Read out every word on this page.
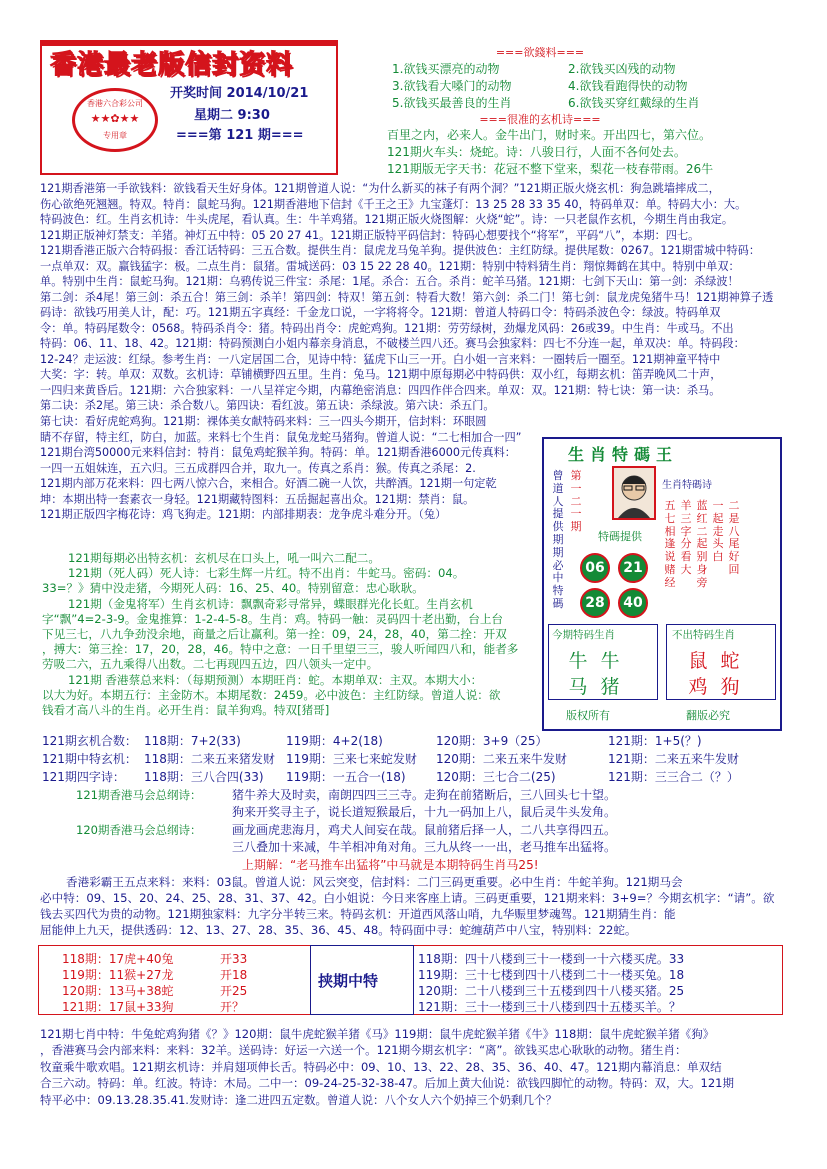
香港最老版信封资料
香港六合彩公司
★★✿★★
专用章
开奖时间 2014/10/21
星期二 9:30
===第 121 期===
===欲錢料===
1.欲钱买漂亮的动物	2.欲钱买凶残的动物
3.欲钱看大嗓门的动物	4.欲钱看跑得快的动物
5.欲钱买最善良的生肖	6.欲钱买穿红戴绿的生肖
===很准的玄机诗===
百里之内，必来人。金牛出门，财时来。开出四七，第六位。
121期火车头：烧蛇。诗：八骏日行，人面不各何处去。
121期版无字天书：花冠不整下堂来，梨花一枝春带雨。26牛
121期香港第一手欲钱料：欲钱看天生好身体。121期曾道人说：“为什么新买的袜子有两个洞？”121期正版火烧玄机：狗急跳墙摔成二，
伤心欲绝死翘翘。特双。特肖：鼠蛇马狗。121期香港地下信封《千王之王》九宝蓬灯：13 25 28 33 35 40，特码单双：单。特码大小：大。
特码波色：红。生肖玄机诗：牛头虎尾，看认真。生：牛羊鸡猪。121期正版火烧图解：火烧“蛇”。诗：一只老鼠作玄机，今期生肖由我定。
121期正版神灯禁支：羊猪。神灯五中特：05 20 27 41。121期正版特平码信封：特码心想要找个“将军”，平码“八”，本期：四七。
121期香港正版六合特码报：香江话特码：三五合数。提供生肖：鼠虎龙马兔羊狗。提供波色：主红防绿。提供尾数：0267。121期雷城中特码：
一点单双：双。赢钱猛字：极。二点生肖：鼠猪。雷城送码：03 15 22 28 40。121期：特别中特料猜生肖：翔惊舞鹤在其中。特别中单双：
单。特别中生肖：鼠蛇马狗。121期：乌鸦传说三件宝：杀尾：1尾。杀合：五合。杀肖：蛇羊马猪。121期：七剑下天山：第一剑：杀绿波！
第二剑：杀4尾！第三剑：杀五合！第三剑：杀羊！第四剑：特双！第五剑：特看大数！第六剑：杀二门！第七剑：鼠龙虎兔猪牛马！121期神算子透
码诗：欲钱巧用美人计，配：巧。121期五字真经：千金龙口说，一字将将令。121期：曾道人特码口令：特码杀波色令：绿波。特码单双
令：单。特码尾数令：0568。特码杀肖令：猪。特码出肖令：虎蛇鸡狗。121期：劳劳绿树，劲爆龙风码：26或39。中生肖：牛或马。不出
特码：06、11、18、42。121期：特码预测白小姐内幕亲身消息，不破楼兰四八还。赛马会独家料：四七不分连一起，单双决：单。特码段：
12-24？走运波：红绿。参考生肖：一八定居国二合，见诗中特：猛虎下山三一开。白小姐一言来料：一圈转后一圈至。121期神童平特中
大奖：字：转。单双：双数。玄机诗：草铺横野四五里。生肖：兔马。121期中原每期必中特码供：双小红，每期玄机：笛弄晚风二十声，
一四归来黄昏后。121期：六合独家料：一八呈祥定今期，内幕绝密消息：四四作伴合四来。单双：双。121期：特七诀：第一诀：杀马。
第二诀：杀2尾。第三诀：杀合数八。第四诀：看红波。第五诀：杀绿波。第六诀：杀五门。
第七诀：看好虎蛇鸡狗。121期：裸体美女献特码来料：三一四头今期开，信封料：环眼圆
睛不存留，特主红，防白，加蓝。来料七个生肖：鼠兔龙蛇马猪狗。曾道人说：“二七相加合一四”
121期台湾50000元来料信封：特肖：鼠兔鸡蛇猴羊狗。特码：单。121期香港6000元传真料：
一四一五姐妹连，五六归。三五成群四合并，取九一。传真之系肖：猴。传真之杀尾：2.
121期内部万花来料：四七两八惊六合，来相合。好酒二碗一人饮，共醉酒。121期一句定乾
坤：本期出特一套素衣一身轻。121期藏特图料：五岳掘起喜出众。121期：禁肖：鼠。
121期正版四字梅花诗：鸡飞狗走。121期：内部排期表：龙争虎斗难分开。（兔）
121期每期必出特玄机：玄机尽在口头上，吼一叫六二配二。
121期（死人码）死人诗：七彩生辉一片红。特不出肖：牛蛇马。密码：04。
33=？》猜中没走猪，今期死人码：16、25、40。特别留意：忠心耿耿。
121期（金鬼将军）生肖玄机诗：飘飘奇彩寻常异，蝶眼群光化长虹。生肖玄机
字“飘”4=2-3-9。金鬼推算：1-2-4-5-8。生肖：鸡。特码一触：灵码四十老出勤，台上台
下见三七，八九争劲没余地，商量之后让赢利。第一拴：09，24，28，40，第二拴：开双
，搏大：第三拴：17，20，28，46。特中之意：一日千里望三三，骏人听闻四八和，能者多
劳吸二六，五九乘得八出数。二七再现四五边，四八领头一定中。
121期 香港蔡总来料：（每期预测）本期旺肖：蛇。本期单双：主双。本期大小：
以大为好。本期五行：主金防木。本期尾数：2459。必中波色：主红防绿。曾道人说：欲
钱看才高八斗的生肖。必开生肖：鼠羊狗鸡。特双[猪哥]
生肖特碼王
曾道人提供期期必中特碼
第一二一期
生肖特碼诗
五七相逢说赌经
羊三字分看大
蓝红二起别身旁
一起走头白
二是八尾好回
特碼提供
06	21
28	40
今期特码生肖
牛 牛
马 猪
不出特码生肖
鼠 蛇
鸡 狗
版权所有	翻版必究
121期玄机合数： 118期：7+2(33)	119期：4+2(18)	120期：3+9（25）	121期：1+5(？)
121期中特玄机： 118期：二来五来猪发财 119期：三来七来蛇发财 120期：二来五来牛发财	121期：二来五来牛发财
121期四字诗： 118期：三八合四(33) 119期：一五合一(18)	120期：三七合二(25)	121期：三三合二（？）
121期香港马会总纲诗：	猪牛养大及时卖，南朗四四三三寺。走狗在前猪断后，三八回头七十望。
狗来开奖寻主子，说长道短猴最后，十九一码加上八，鼠后灵牛头发角。
120期香港马会总纲诗：	画龙画虎悲海月，鸡犬人间妄在哉。鼠前猪后择一人，二八共享得四五。
三八叠加十来减，牛羊相冲角对角。三九从终一一出，老马推车出猛将。
上期解：“老马推车出猛将”中马就是本期特码生肖马25!
香港彩霸王五点来料：来料：03鼠。曾道人说：风云突变，信封料：二门三码更重要。必中生肖：牛蛇羊狗。121期马会
必中特：09、15、20、24、25、28、31、37、42。白小姐说：今日来客座上请。三码更重要，121期来料：3+9=？今期玄机字：“请”。欲
钱去买四代为贵的动物。121期独家料：九字分半转三来。特码玄机：开道西风落山哨，九华赈里梦魂驾。121期猜生肖：能
屈能伸上九天，提供透码：12、13、27、28、35、36、45、48。特码面中寻：蛇缠葫芦中八宝，特别料：22蛇。
118期：17虎+40兔	开33
119期：11猴+27龙	开18
120期：13马+38蛇	开25
121期：17鼠+33狗	开？
挟期中特
118期：四十八楼到三十一楼到一十六楼买虎。33
119期：三十七楼到四十八楼到二十一楼买兔。18
120期：二十八楼到三十五楼到四十八楼买猪。25
121期：三十一楼到三十八楼到四十五楼买羊。？
121期七肖中特：牛兔蛇鸡狗猪《？》120期：鼠牛虎蛇猴羊猪《马》119期：鼠牛虎蛇猴羊猪《牛》118期：鼠牛虎蛇猴羊猪《狗》
，香港赛马会内部来料：来料：32羊。送码诗：好运一六送一个。121期今期玄机字：“离”。欲钱买忠心耿耿的动物。猪生肖：
牧童乘牛歌欢唱。121期玄机诗：并肩翅项伸长舌。特码必中：09、10、13、22、28、35、36、40、47。121期内幕消息：单双结
合三六动。特码：单。红波。特诗：木局。二中一：09-24-25-32-38-47。后加上黄大仙说：欲钱四脚忙的动物。特码：双，大。121期
特平必中：09.13.28.35.41.发财诗：逢二进四五定数。曾道人说：八个女人六个奶掉三个奶剩几个？
